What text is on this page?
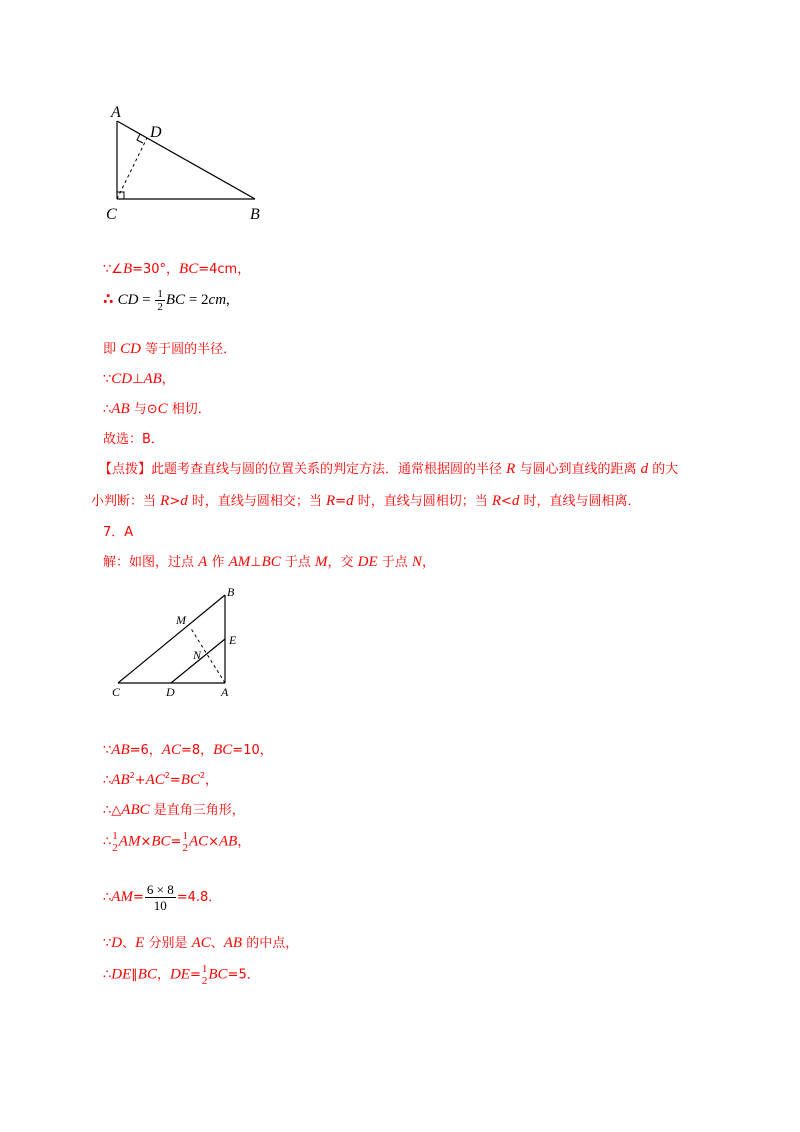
A
D
C	B
∵∠B=30°，BC=4cm，
∴ CD = $\frac{1}{2}$ BC = 2cm,
即 CD 等于圆的半径．
∵CD⊥AB，
∴AB 与⊙C 相切．
故选：B．
【点拨】此题考查直线与圆的位置关系的判定方法．通常根据圆的半径 R 与圆心到直线的距离 d 的大
小判断：当 R>d 时，直线与圆相交；当 R=d 时，直线与圆相切；当 R<d 时，直线与圆相离．
7．A
解：如图，过点 A 作 AM⊥BC 于点 M，交 DE 于点 N，
B
M
E
N
C	D	A
∵AB=6，AC=8，BC=10，
$\therefore AB^2+AC^2=BC^2$，
∴△ABC 是直角三角形，
∴ 1
2 AM×BC= 1
2 AC×AB，
∴AM= $\frac{6 \times 8}{10} =4.8$．
∵D、E 分别是 AC、AB 的中点，
∴DE∥BC，DE= 1
2 BC=5．
